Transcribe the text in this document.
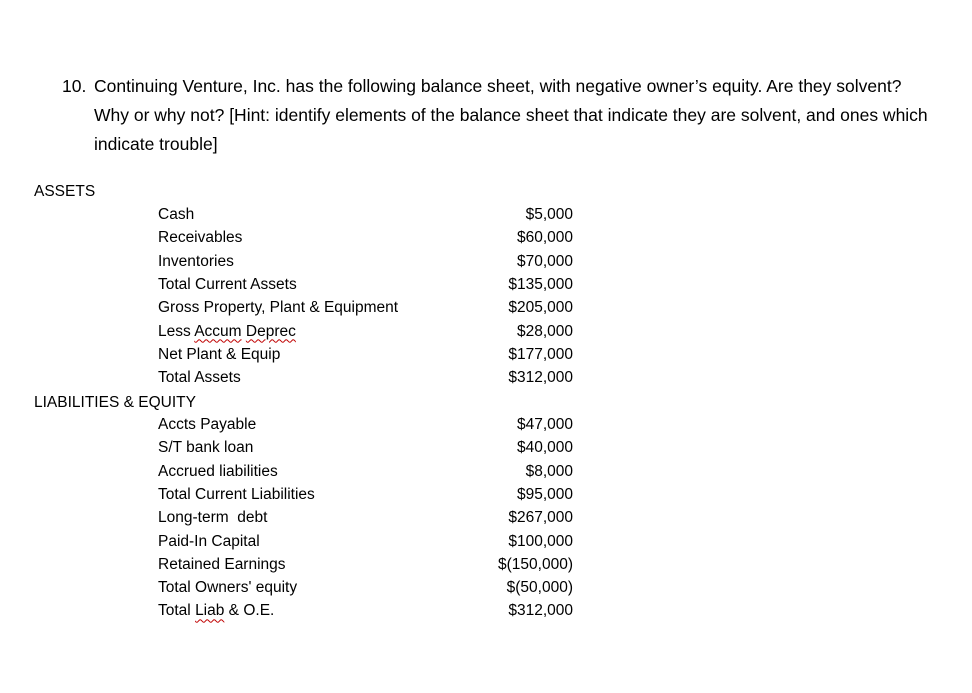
10. Continuing Venture, Inc. has the following balance sheet, with negative owner’s equity. Are they solvent? Why or why not? [Hint: identify elements of the balance sheet that indicate they are solvent, and ones which indicate trouble]
ASSETS
Cash	$5,000
Receivables	$60,000
Inventories	$70,000
Total Current Assets	$135,000
Gross Property, Plant & Equipment	$205,000
Less Accum Deprec	$28,000
Net Plant & Equip	$177,000
Total Assets	$312,000
LIABILITIES & EQUITY
Accts Payable	$47,000
S/T bank loan	$40,000
Accrued liabilities	$8,000
Total Current Liabilities	$95,000
Long-term  debt	$267,000
Paid-In Capital	$100,000
Retained Earnings	$(150,000)
Total Owners' equity	$(50,000)
Total Liab & O.E.	$312,000
